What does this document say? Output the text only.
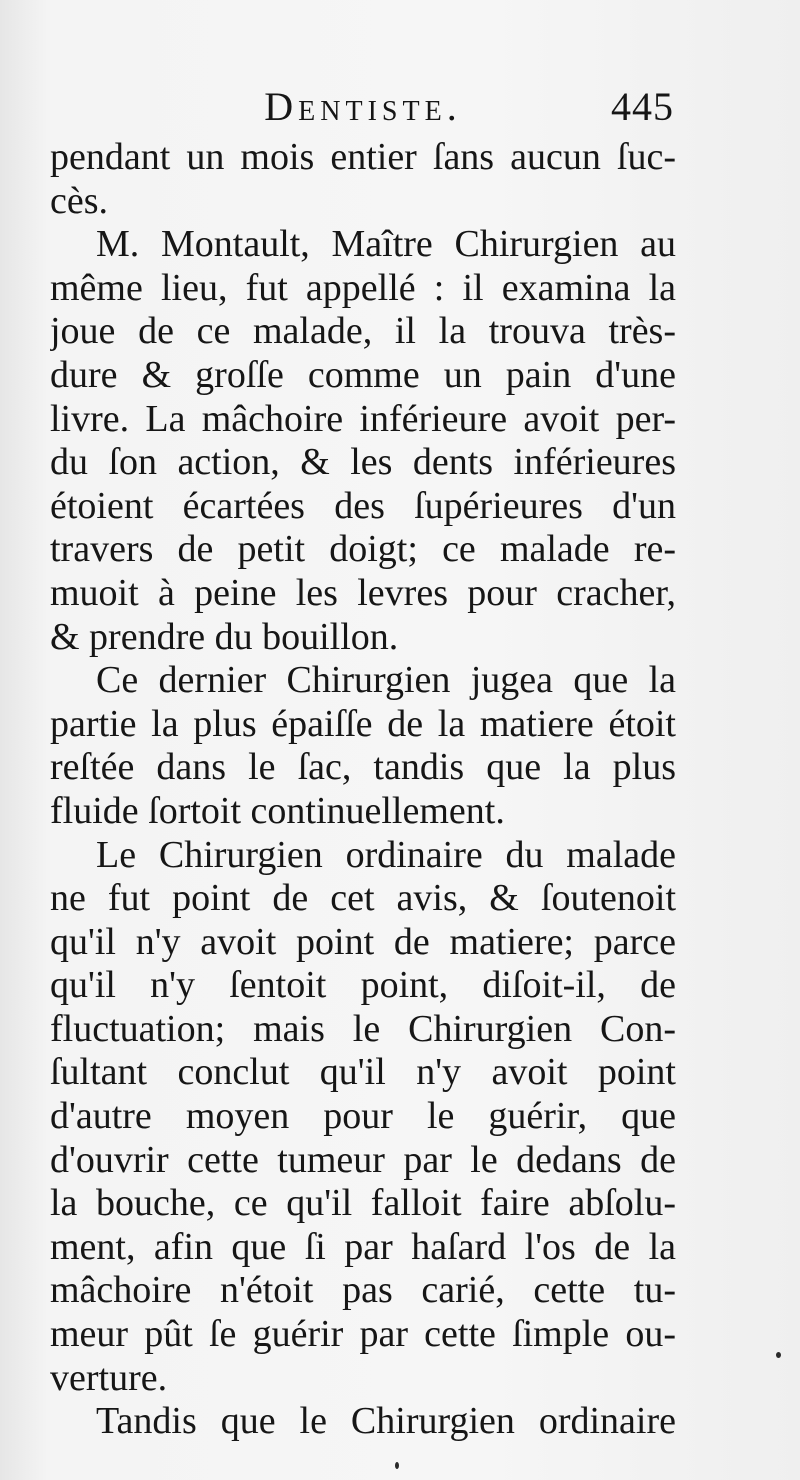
Dentiste.	445
pendant un mois entier ſans aucun ſuc-
cès.
M. Montault, Maître Chirurgien au
même lieu, fut appellé : il examina la
joue de ce malade, il la trouva très-
dure & groſſe comme un pain d'une
livre. La mâchoire inférieure avoit per-
du ſon action, & les dents inférieures
étoient écartées des ſupérieures d'un
travers de petit doigt; ce malade re-
muoit à peine les levres pour cracher,
& prendre du bouillon.
Ce dernier Chirurgien jugea que la
partie la plus épaiſſe de la matiere étoit
reſtée dans le ſac, tandis que la plus
fluide ſortoit continuellement.
Le Chirurgien ordinaire du malade
ne fut point de cet avis, & ſoutenoit
qu'il n'y avoit point de matiere; parce
qu'il n'y ſentoit point, diſoit-il, de
fluctuation; mais le Chirurgien Con-
ſultant conclut qu'il n'y avoit point
d'autre moyen pour le guérir, que
d'ouvrir cette tumeur par le dedans de
la bouche, ce qu'il falloit faire abſolu-
ment, afin que ſi par haſard l'os de la
mâchoire n'étoit pas carié, cette tu-
meur pût ſe guérir par cette ſimple ou-
verture.
Tandis que le Chirurgien ordinaire
